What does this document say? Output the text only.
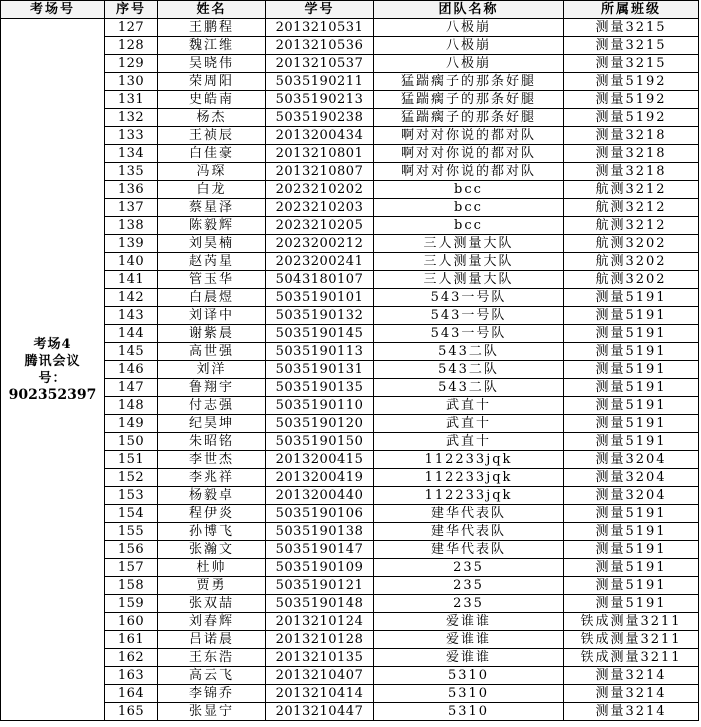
考场号	序号	姓名	学号	团队名称	所属班级

考场4
腾讯会议
号：
902352397	127	王鹏程	2013210531	八极崩	测量3215
	128	魏江维	2013210536	八极崩	测量3215
	129	吴晓伟	2013210537	八极崩	测量3215
	130	荣周阳	5035190211	猛踹瘸子的那条好腿	测量5192
	131	史皓南	5035190213	猛踹瘸子的那条好腿	测量5192
	132	杨杰	5035190238	猛踹瘸子的那条好腿	测量5192
	133	王祯辰	2013200434	啊对对你说的都对队	测量3218
	134	白佳豪	2013210801	啊对对你说的都对队	测量3218
	135	冯琛	2013210807	啊对对你说的都对队	测量3218
	136	白龙	2023210202	bcc	航测3212
	137	蔡星泽	2023210203	bcc	航测3212
	138	陈毅辉	2023210205	bcc	航测3212
	139	刘昊楠	2023200212	三人测量大队	航测3202
	140	赵芮星	2023200241	三人测量大队	航测3202
	141	管玉华	5043180107	三人测量大队	航测3202
	142	白晨煜	5035190101	543一号队	测量5191
	143	刘译中	5035190132	543一号队	测量5191
	144	谢紫晨	5035190145	543一号队	测量5191
	145	高世强	5035190113	543二队	测量5191
	146	刘洋	5035190131	543二队	测量5191
	147	鲁翔宇	5035190135	543二队	测量5191
	148	付志强	5035190110	武直十	测量5191
	149	纪昊坤	5035190120	武直十	测量5191
	150	朱昭铭	5035190150	武直十	测量5191
	151	李世杰	2013200415	112233jqk	测量3204
	152	李兆祥	2013200419	112233jqk	测量3204
	153	杨毅卓	2013200440	112233jqk	测量3204
	154	程伊炎	5035190106	建华代表队	测量5191
	155	孙博飞	5035190138	建华代表队	测量5191
	156	张瀚文	5035190147	建华代表队	测量5191
	157	杜帅	5035190109	235	测量5191
	158	贾勇	5035190121	235	测量5191
	159	张双喆	5035190148	235	测量5191
	160	刘春辉	2013210124	爱谁谁	铁成测量3211
	161	吕诺晨	2013210128	爱谁谁	铁成测量3211
	162	王东浩	2013210135	爱谁谁	铁成测量3211
	163	高云飞	2013210407	5310	测量3214
	164	李锦乔	2013210414	5310	测量3214
	165	张显宁	2013210447	5310	测量3214
